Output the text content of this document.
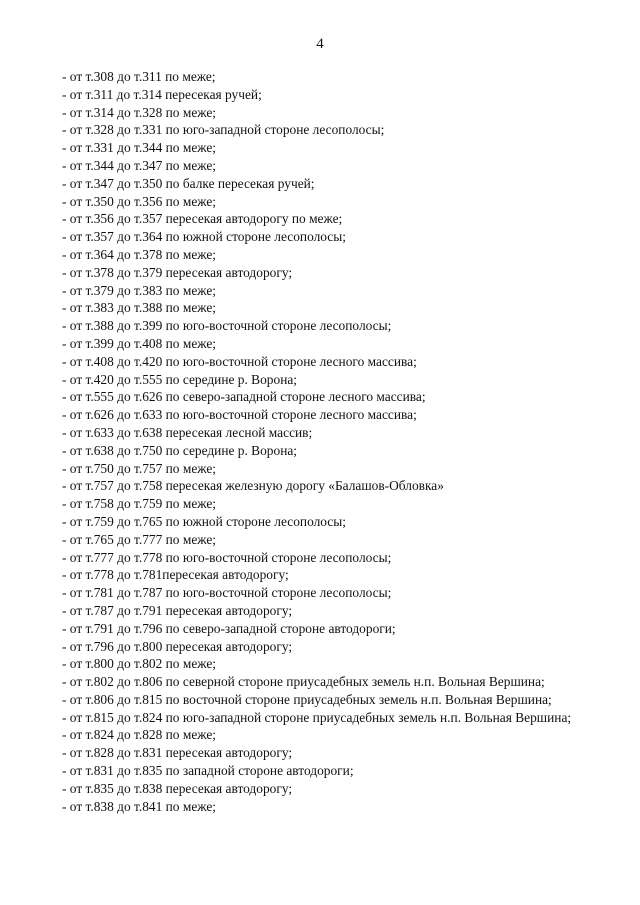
4
- от т.308 до т.311 по меже;
- от т.311 до т.314 пересекая ручей;
- от т.314 до т.328 по меже;
- от т.328 до т.331 по юго-западной стороне лесополосы;
- от т.331 до т.344 по меже;
- от т.344 до т.347 по меже;
- от т.347 до т.350 по балке пересекая ручей;
- от т.350 до т.356 по меже;
- от т.356 до т.357 пересекая автодорогу по меже;
- от т.357 до т.364 по южной стороне лесополосы;
- от т.364 до т.378 по меже;
- от т.378 до т.379 пересекая автодорогу;
- от т.379 до т.383 по меже;
- от т.383 до т.388 по меже;
- от т.388 до т.399 по юго-восточной стороне лесополосы;
- от т.399 до т.408 по меже;
- от т.408 до т.420 по юго-восточной стороне лесного массива;
- от т.420 до т.555 по середине р. Ворона;
- от т.555 до т.626 по северо-западной стороне лесного массива;
- от т.626 до т.633 по юго-восточной стороне лесного массива;
- от т.633 до т.638 пересекая лесной массив;
- от т.638 до т.750 по середине р. Ворона;
- от т.750 до т.757 по меже;
- от т.757 до т.758 пересекая железную дорогу «Балашов-Обловка»
- от т.758 до т.759 по меже;
- от т.759 до т.765 по южной стороне лесополосы;
- от т.765 до т.777 по меже;
- от т.777 до т.778 по юго-восточной стороне лесополосы;
- от т.778 до т.781пересекая автодорогу;
- от т.781 до т.787 по юго-восточной стороне лесополосы;
- от т.787 до т.791 пересекая автодорогу;
- от т.791 до т.796 по северо-западной стороне автодороги;
- от т.796 до т.800 пересекая автодорогу;
- от т.800 до т.802 по меже;
- от т.802 до т.806 по северной стороне приусадебных земель н.п. Вольная Вершина;
- от т.806 до т.815 по восточной стороне приусадебных земель н.п. Вольная Вершина;
- от т.815 до т.824 по юго-западной стороне приусадебных земель н.п. Вольная Вершина;
- от т.824 до т.828 по меже;
- от т.828 до т.831 пересекая автодорогу;
- от т.831 до т.835 по западной стороне автодороги;
- от т.835 до т.838 пересекая автодорогу;
- от т.838 до т.841 по меже;
